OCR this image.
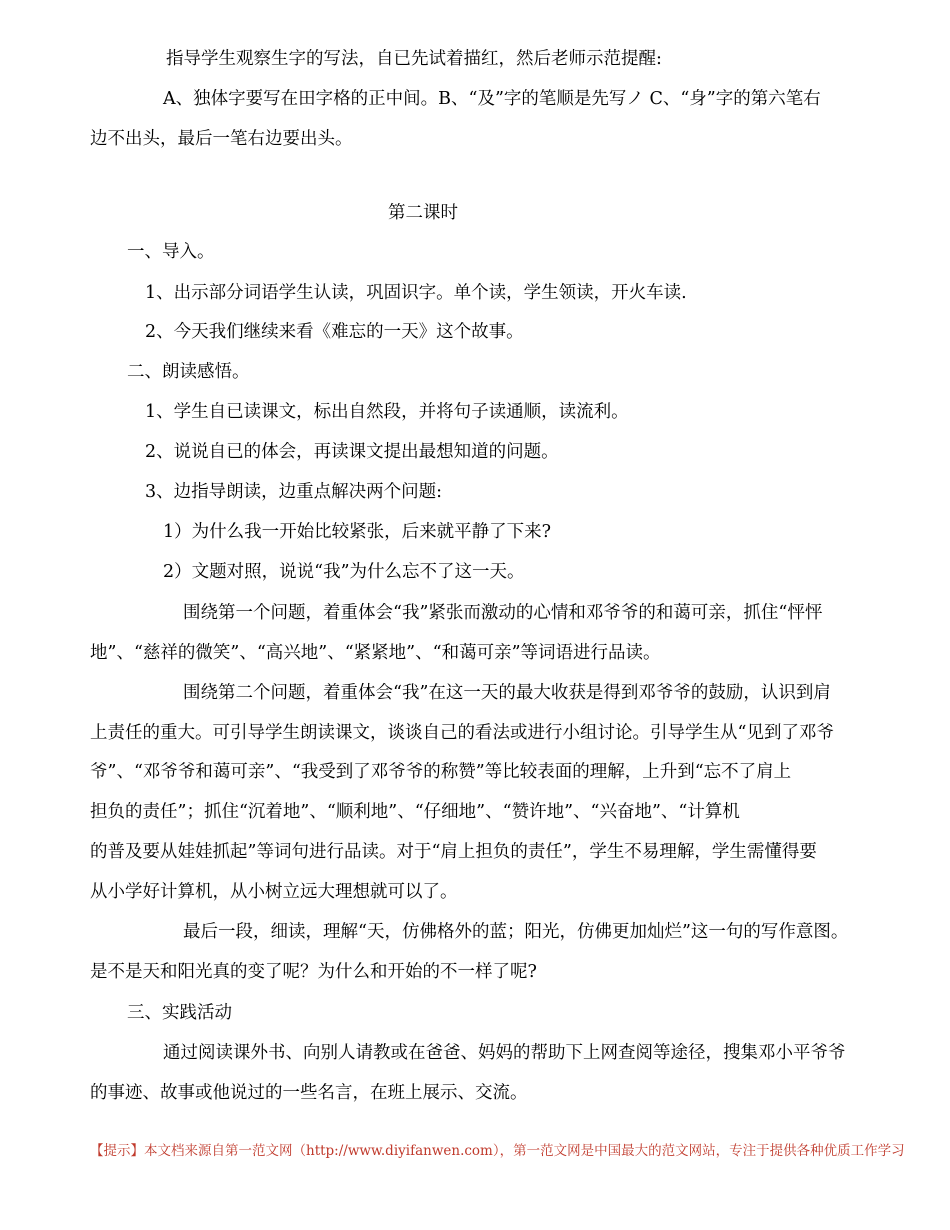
指导学生观察生字的写法，自已先试着描红，然后老师示范提醒:
A、独体字要写在田字格的正中间。B、“及”字的笔顺是先写ノ C、“身”字的第六笔右
边不出头，最后一笔右边要出头。
第二课时
一、导入。
1、出示部分词语学生认读，巩固识字。单个读，学生领读，开火车读.
2、今天我们继续来看《难忘的一天》这个故事。
二、朗读感悟。
1、学生自已读课文，标出自然段，并将句子读通顺，读流利。
2、说说自已的体会，再读课文提出最想知道的问题。
3、边指导朗读，边重点解决两个问题:
1）为什么我一开始比较紧张，后来就平静了下来?
2）文题对照，说说“我”为什么忘不了这一天。
围绕第一个问题，着重体会“我”紧张而激动的心情和邓爷爷的和蔼可亲，抓住“怦怦
地”、“慈祥的微笑”、“高兴地”、“紧紧地”、“和蔼可亲”等词语进行品读。
围绕第二个问题，着重体会“我”在这一天的最大收获是得到邓爷爷的鼓励，认识到肩
上责任的重大。可引导学生朗读课文，谈谈自己的看法或进行小组讨论。引导学生从“见到了邓爷
爷”、“邓爷爷和蔼可亲”、“我受到了邓爷爷的称赞”等比较表面的理解，上升到“忘不了肩上
担负的责任”；抓住“沉着地”、“顺利地”、“仔细地”、“赞许地”、“兴奋地”、“计算机
的普及要从娃娃抓起”等词句进行品读。对于“肩上担负的责任”，学生不易理解，学生需懂得要
从小学好计算机，从小树立远大理想就可以了。
最后一段，细读，理解“天，仿佛格外的蓝；阳光，仿佛更加灿烂”这一句的写作意图。
是不是天和阳光真的变了呢？为什么和开始的不一样了呢?
三、实践活动
通过阅读课外书、向别人请教或在爸爸、妈妈的帮助下上网查阅等途径，搜集邓小平爷爷
的事迹、故事或他说过的一些名言，在班上展示、交流。
【提示】本文档来源自第一范文网（http://www.diyifanwen.com），第一范文网是中国最大的范文网站，专注于提供各种优质工作学习
